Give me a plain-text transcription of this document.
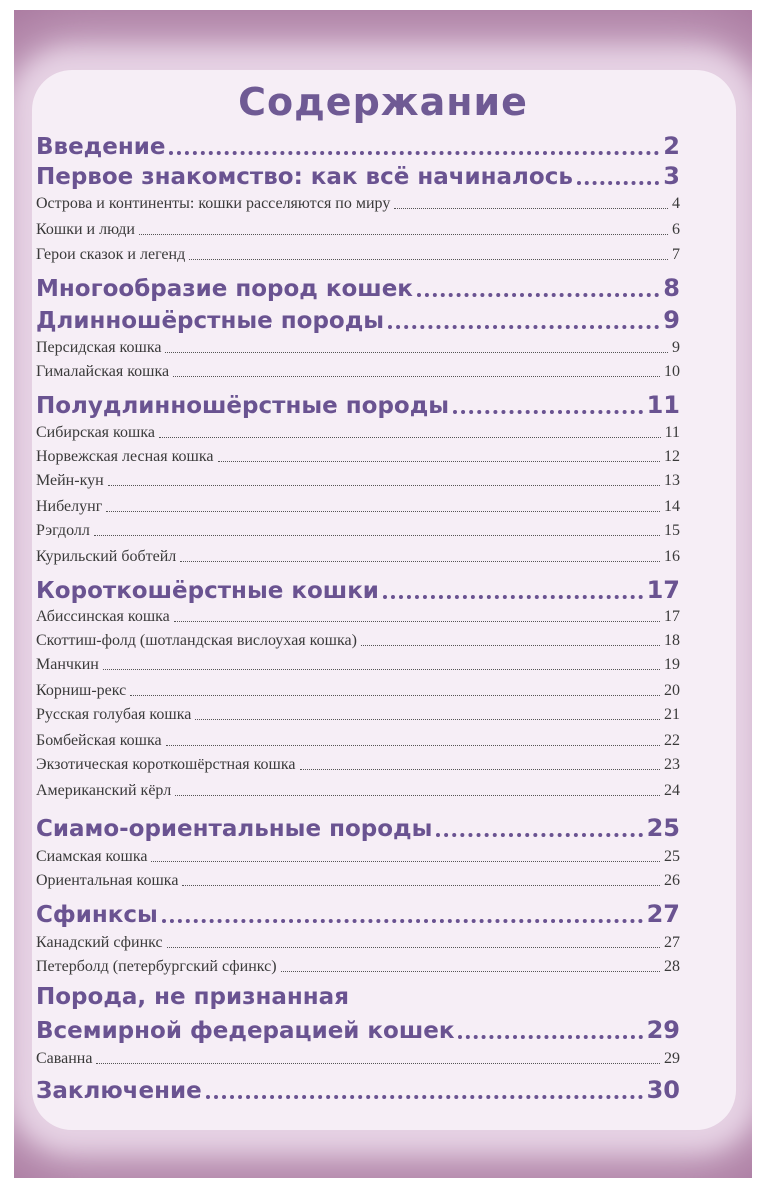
Содержание
Введение	2
Первое знакомство: как всё начиналось	3
Острова и континенты: кошки расселяются по миру	4
Кошки и люди	6
Герои сказок и легенд	7
Многообразие пород кошек	8
Длинношёрстные породы	9
Персидская кошка	9
Гималайская кошка	10
Полудлинношёрстные породы	11
Сибирская кошка	11
Норвежская лесная кошка	12
Мейн-кун	13
Нибелунг	14
Рэгдолл	15
Курильский бобтейл	16
Короткошёрстные кошки	17
Абиссинская кошка	17
Скоттиш-фолд (шотландская вислоухая кошка)	18
Манчкин	19
Корниш-рекс	20
Русская голубая кошка	21
Бомбейская кошка	22
Экзотическая короткошёрстная кошка	23
Американский кёрл	24
Сиамо-ориентальные породы	25
Сиамская кошка	25
Ориентальная кошка	26
Сфинксы	27
Канадский сфинкс	27
Петерболд (петербургский сфинкс)	28
Порода, не признанная
Всемирной федерацией кошек	29
Саванна	29
Заключение	30
